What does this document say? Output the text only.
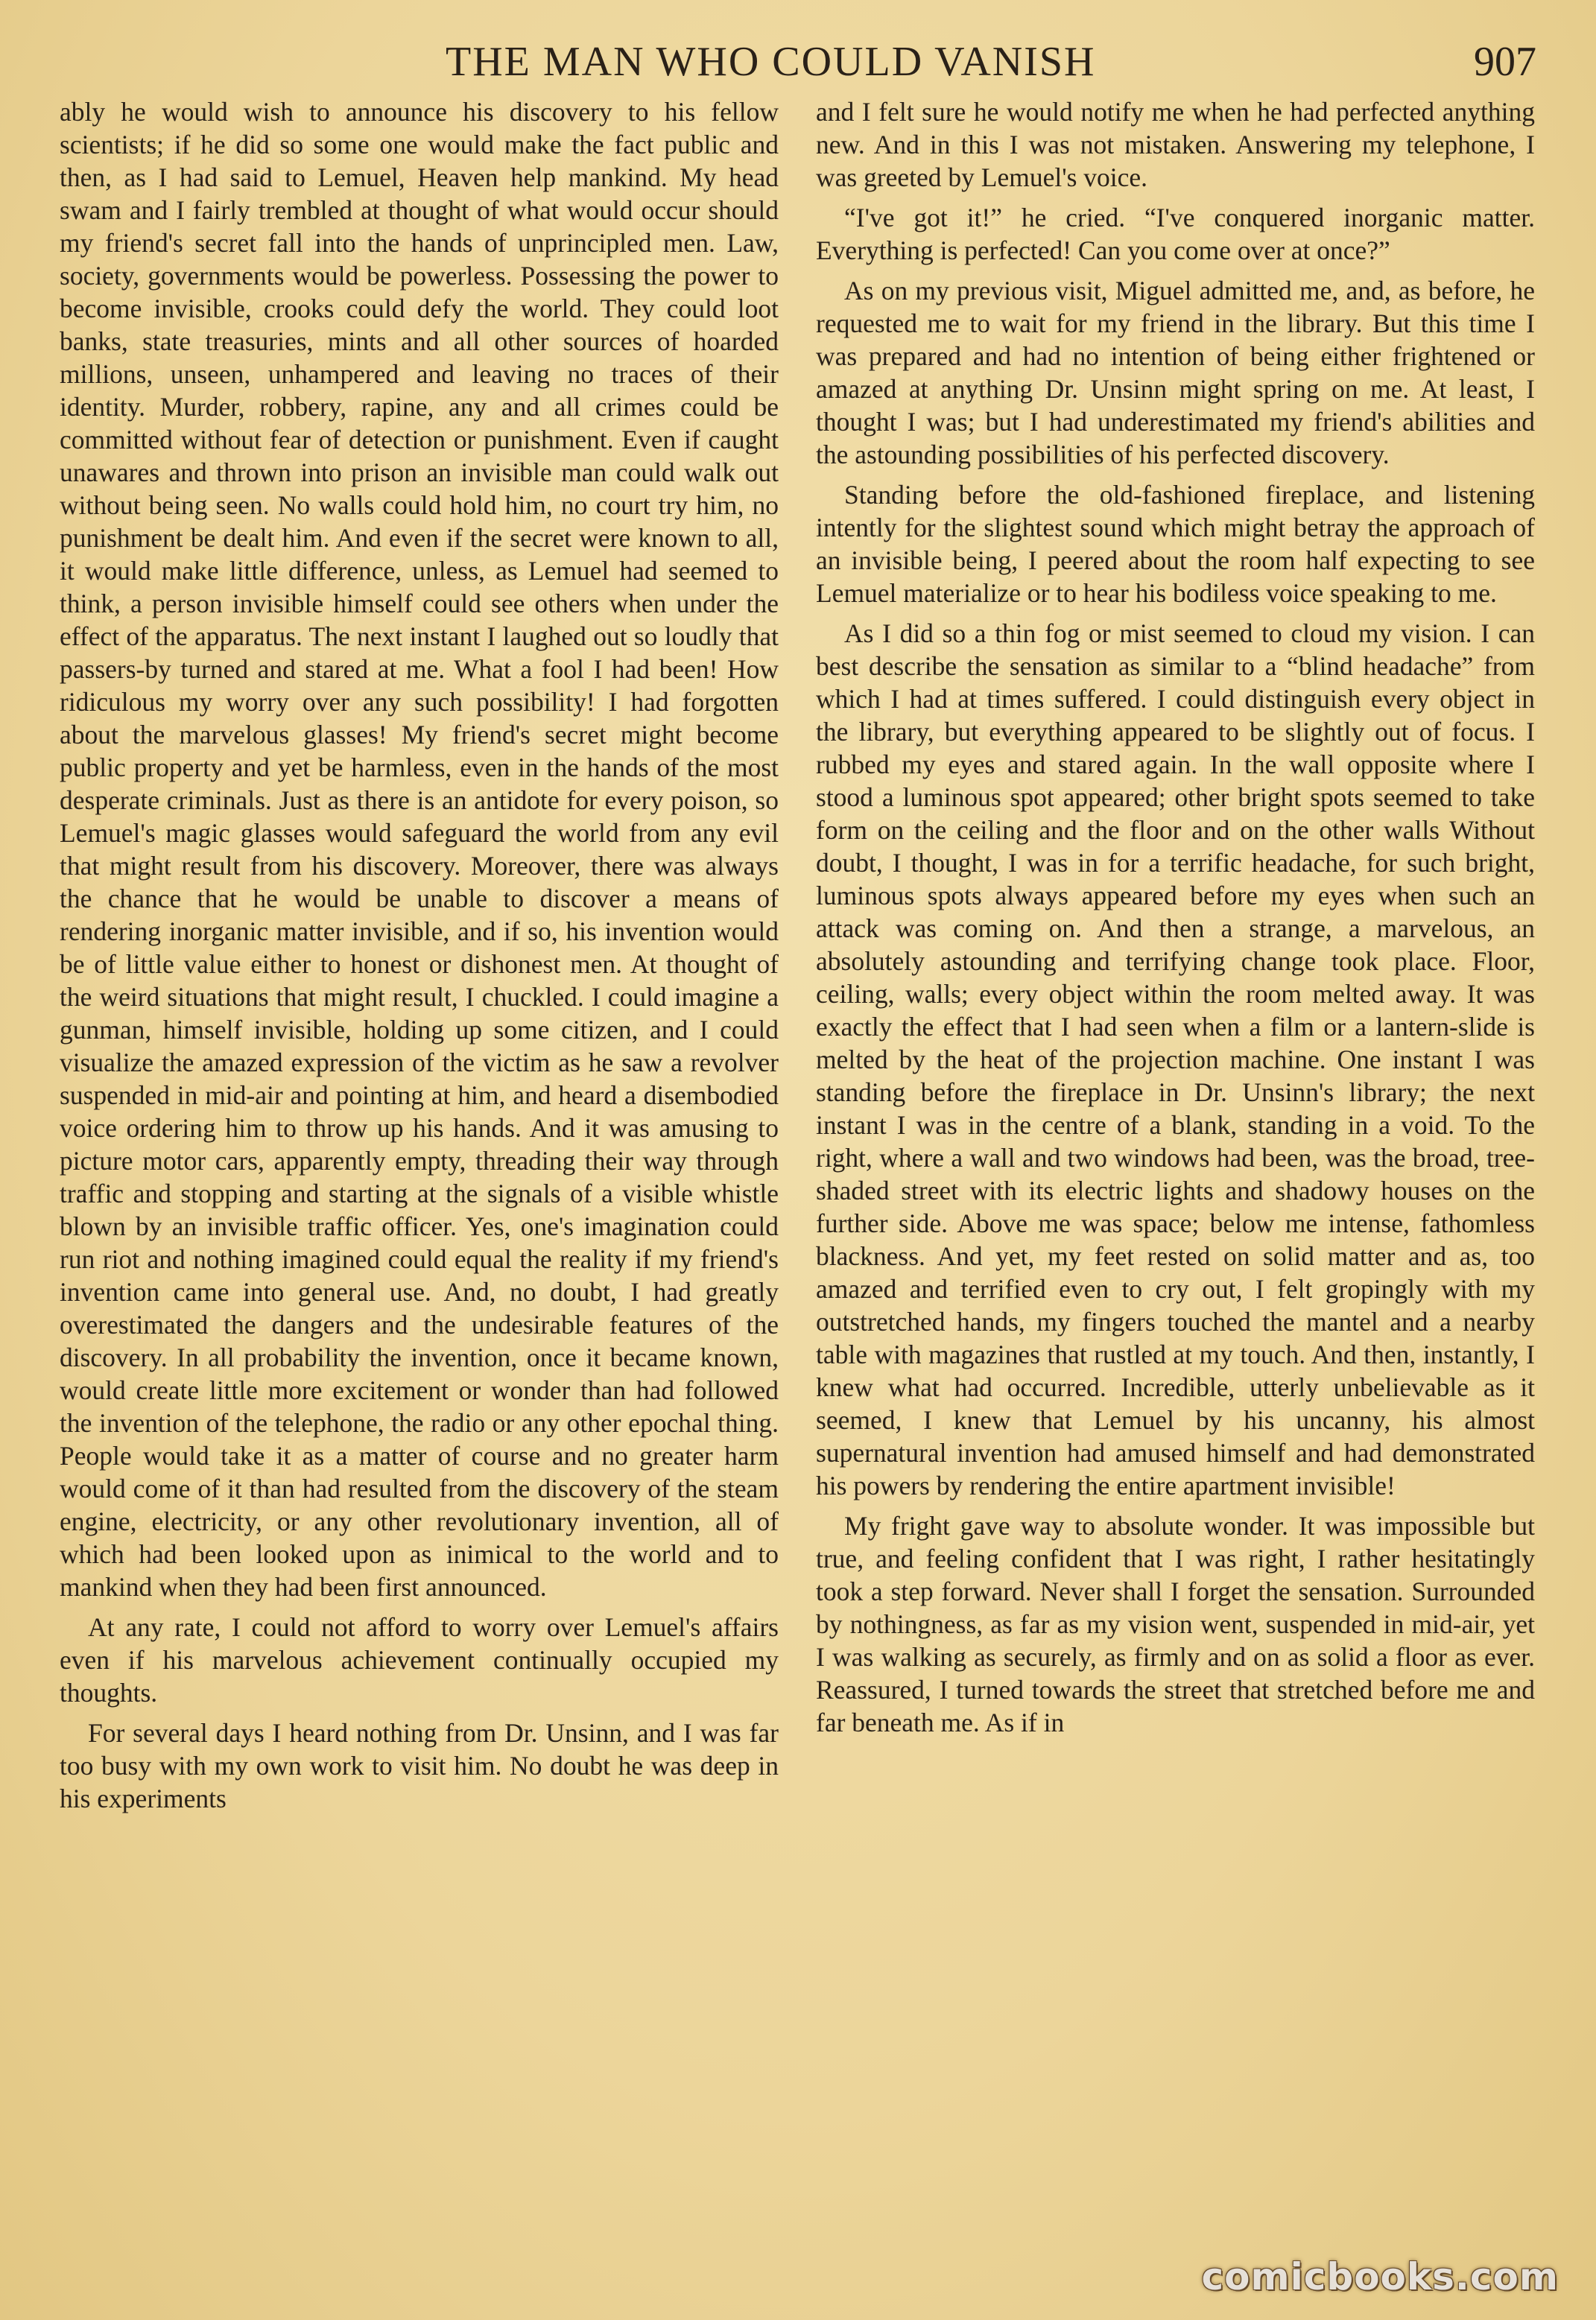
THE MAN WHO COULD VANISH	907

ably he would wish to announce his discovery to his fellow scientists; if he did so some one would make the fact public and then, as I had said to Lemuel, Heaven help mankind. My head swam and I fairly trembled at thought of what would occur should my friend's secret fall into the hands of unprincipled men. Law, society, governments would be powerless. Possessing the power to become invisible, crooks could defy the world. They could loot banks, state treasuries, mints and all other sources of hoarded millions, unseen, unhampered and leaving no traces of their identity. Murder, robbery, rapine, any and all crimes could be committed without fear of detection or punishment. Even if caught unawares and thrown into prison an invisible man could walk out without being seen. No walls could hold him, no court try him, no punishment be dealt him. And even if the secret were known to all, it would make little difference, unless, as Lemuel had seemed to think, a person invisible himself could see others when under the effect of the apparatus. The next instant I laughed out so loudly that passers-by turned and stared at me. What a fool I had been! How ridiculous my worry over any such possibility! I had forgotten about the marvelous glasses! My friend's secret might become public property and yet be harmless, even in the hands of the most desperate criminals. Just as there is an antidote for every poison, so Lemuel's magic glasses would safeguard the world from any evil that might result from his discovery. Moreover, there was always the chance that he would be unable to discover a means of rendering inorganic matter invisible, and if so, his invention would be of little value either to honest or dishonest men. At thought of the weird situations that might result, I chuckled. I could imagine a gunman, himself invisible, holding up some citizen, and I could visualize the amazed expression of the victim as he saw a revolver suspended in mid-air and pointing at him, and heard a disembodied voice ordering him to throw up his hands. And it was amusing to picture motor cars, apparently empty, threading their way through traffic and stopping and starting at the signals of a visible whistle blown by an invisible traffic officer. Yes, one's imagination could run riot and nothing imagined could equal the reality if my friend's invention came into general use. And, no doubt, I had greatly overestimated the dangers and the undesirable features of the discovery. In all probability the invention, once it became known, would create little more excitement or wonder than had followed the invention of the telephone, the radio or any other epochal thing. People would take it as a matter of course and no greater harm would come of it than had resulted from the discovery of the steam engine, electricity, or any other revolutionary invention, all of which had been looked upon as inimical to the world and to mankind when they had been first announced.

At any rate, I could not afford to worry over Lemuel's affairs even if his marvelous achievement continually occupied my thoughts.

For several days I heard nothing from Dr. Unsinn, and I was far too busy with my own work to visit him. No doubt he was deep in his experiments

and I felt sure he would notify me when he had perfected anything new. And in this I was not mistaken. Answering my telephone, I was greeted by Lemuel's voice.

“I've got it!” he cried. “I've conquered inorganic matter. Everything is perfected! Can you come over at once?”

As on my previous visit, Miguel admitted me, and, as before, he requested me to wait for my friend in the library. But this time I was prepared and had no intention of being either frightened or amazed at anything Dr. Unsinn might spring on me. At least, I thought I was; but I had underestimated my friend's abilities and the astounding possibilities of his perfected discovery.

Standing before the old-fashioned fireplace, and listening intently for the slightest sound which might betray the approach of an invisible being, I peered about the room half expecting to see Lemuel materialize or to hear his bodiless voice speaking to me.

As I did so a thin fog or mist seemed to cloud my vision. I can best describe the sensation as similar to a “blind headache” from which I had at times suffered. I could distinguish every object in the library, but everything appeared to be slightly out of focus. I rubbed my eyes and stared again. In the wall opposite where I stood a luminous spot appeared; other bright spots seemed to take form on the ceiling and the floor and on the other walls Without doubt, I thought, I was in for a terrific headache, for such bright, luminous spots always appeared before my eyes when such an attack was coming on. And then a strange, a marvelous, an absolutely astounding and terrifying change took place. Floor, ceiling, walls; every object within the room melted away. It was exactly the effect that I had seen when a film or a lantern-slide is melted by the heat of the projection machine. One instant I was standing before the fireplace in Dr. Unsinn's library; the next instant I was in the centre of a blank, standing in a void. To the right, where a wall and two windows had been, was the broad, tree-shaded street with its electric lights and shadowy houses on the further side. Above me was space; below me intense, fathomless blackness. And yet, my feet rested on solid matter and as, too amazed and terrified even to cry out, I felt gropingly with my outstretched hands, my fingers touched the mantel and a nearby table with magazines that rustled at my touch. And then, instantly, I knew what had occurred. Incredible, utterly unbelievable as it seemed, I knew that Lemuel by his uncanny, his almost supernatural invention had amused himself and had demonstrated his powers by rendering the entire apartment invisible!

My fright gave way to absolute wonder. It was impossible but true, and feeling confident that I was right, I rather hesitatingly took a step forward. Never shall I forget the sensation. Surrounded by nothingness, as far as my vision went, suspended in mid-air, yet I was walking as securely, as firmly and on as solid a floor as ever. Reassured, I turned towards the street that stretched before me and far beneath me. As if in

comicbooks.com
